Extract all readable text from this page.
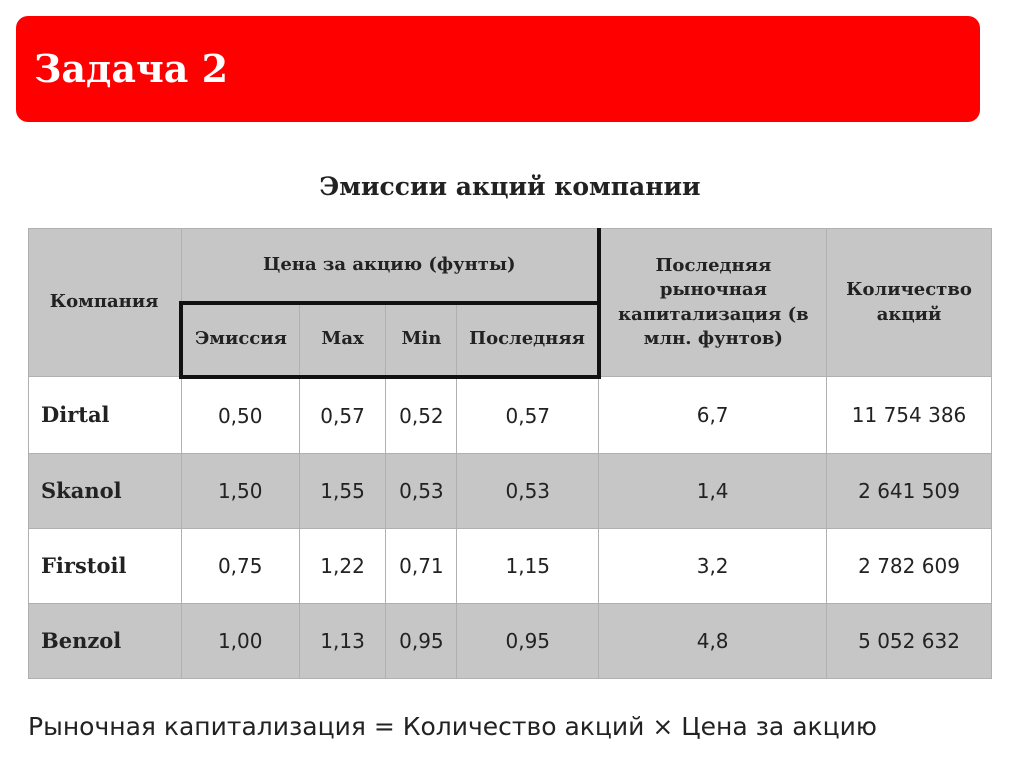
Задача 2
Эмиссии акций компании
Компания	Цена за акцию (фунты)				Последняя рыночная капитализация (в млн. фунтов)	Количество акций
	Эмиссия	Max	Min	Последняя		
Dirtal	0,50	0,57	0,52	0,57	6,7	11 754 386
Skanol	1,50	1,55	0,53	0,53	1,4	2 641 509
Firstoil	0,75	1,22	0,71	1,15	3,2	2 782 609
Benzol	1,00	1,13	0,95	0,95	4,8	5 052 632
Рыночная капитализация = Количество акций × Цена за акцию
